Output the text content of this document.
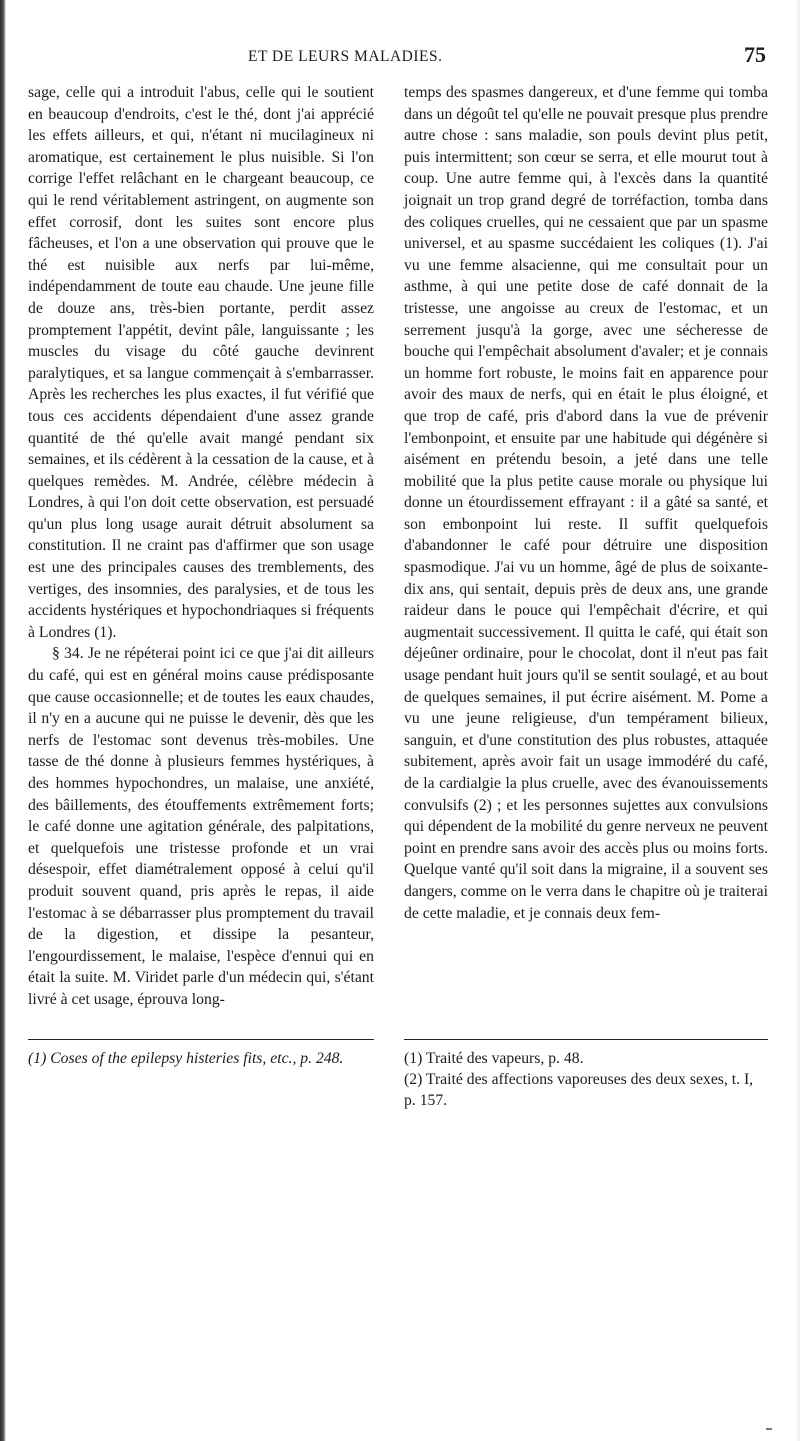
ET DE LEURS MALADIES.	75

sage, celle qui a introduit l'abus, celle qui le soutient en beaucoup d'endroits, c'est le thé, dont j'ai apprécié les effets ailleurs, et qui, n'étant ni mucilagineux ni aromatique, est certainement le plus nuisible. Si l'on corrige l'effet relâchant en le chargeant beaucoup, ce qui le rend véritablement astringent, on augmente son effet corrosif, dont les suites sont encore plus fâcheuses, et l'on a une observation qui prouve que le thé est nuisible aux nerfs par lui-même, indépendamment de toute eau chaude. Une jeune fille de douze ans, très-bien portante, perdit assez promptement l'appétit, devint pâle, languissante ; les muscles du visage du côté gauche devinrent paralytiques, et sa langue commençait à s'embarrasser. Après les recherches les plus exactes, il fut vérifié que tous ces accidents dépendaient d'une assez grande quantité de thé qu'elle avait mangé pendant six semaines, et ils cédèrent à la cessation de la cause, et à quelques remèdes. M. Andrée, célèbre médecin à Londres, à qui l'on doit cette observation, est persuadé qu'un plus long usage aurait détruit absolument sa constitution. Il ne craint pas d'affirmer que son usage est une des principales causes des tremblements, des vertiges, des insomnies, des paralysies, et de tous les accidents hystériques et hypochondriaques si fréquents à Londres (1).

§ 34. Je ne répéterai point ici ce que j'ai dit ailleurs du café, qui est en général moins cause prédisposante que cause occasionnelle; et de toutes les eaux chaudes, il n'y en a aucune qui ne puisse le devenir, dès que les nerfs de l'estomac sont devenus très-mobiles. Une tasse de thé donne à plusieurs femmes hystériques, à des hommes hypochondres, un malaise, une anxiété, des bâillements, des étouffements extrêmement forts; le café donne une agitation générale, des palpitations, et quelquefois une tristesse profonde et un vrai désespoir, effet diamétralement opposé à celui qu'il produit souvent quand, pris après le repas, il aide l'estomac à se débarrasser plus promptement du travail de la digestion, et dissipe la pesanteur, l'engourdissement, le malaise, l'espèce d'ennui qui en était la suite. M. Viridet parle d'un médecin qui, s'étant livré à cet usage, éprouva long-

temps des spasmes dangereux, et d'une femme qui tomba dans un dégoût tel qu'elle ne pouvait presque plus prendre autre chose : sans maladie, son pouls devint plus petit, puis intermittent; son cœur se serra, et elle mourut tout à coup. Une autre femme qui, à l'excès dans la quantité joignait un trop grand degré de torréfaction, tomba dans des coliques cruelles, qui ne cessaient que par un spasme universel, et au spasme succédaient les coliques (1). J'ai vu une femme alsacienne, qui me consultait pour un asthme, à qui une petite dose de café donnait de la tristesse, une angoisse au creux de l'estomac, et un serrement jusqu'à la gorge, avec une sécheresse de bouche qui l'empêchait absolument d'avaler; et je connais un homme fort robuste, le moins fait en apparence pour avoir des maux de nerfs, qui en était le plus éloigné, et que trop de café, pris d'abord dans la vue de prévenir l'embonpoint, et ensuite par une habitude qui dégénère si aisément en prétendu besoin, a jeté dans une telle mobilité que la plus petite cause morale ou physique lui donne un étourdissement effrayant : il a gâté sa santé, et son embonpoint lui reste. Il suffit quelquefois d'abandonner le café pour détruire une disposition spasmodique. J'ai vu un homme, âgé de plus de soixante-dix ans, qui sentait, depuis près de deux ans, une grande raideur dans le pouce qui l'empêchait d'écrire, et qui augmentait successivement. Il quitta le café, qui était son déjeûner ordinaire, pour le chocolat, dont il n'eut pas fait usage pendant huit jours qu'il se sentit soulagé, et au bout de quelques semaines, il put écrire aisément. M. Pome a vu une jeune religieuse, d'un tempérament bilieux, sanguin, et d'une constitution des plus robustes, attaquée subitement, après avoir fait un usage immodéré du café, de la cardialgie la plus cruelle, avec des évanouissements convulsifs (2) ; et les personnes sujettes aux convulsions qui dépendent de la mobilité du genre nerveux ne peuvent point en prendre sans avoir des accès plus ou moins forts. Quelque vanté qu'il soit dans la migraine, il a souvent ses dangers, comme on le verra dans le chapitre où je traiterai de cette maladie, et je connais deux fem-

(1) Coses of the epilepsy histeries fits, etc., p. 248.	(1) Traité des vapeurs, p. 48.

(2) Traité des affections vaporeuses des deux sexes, t. I, p. 157.
